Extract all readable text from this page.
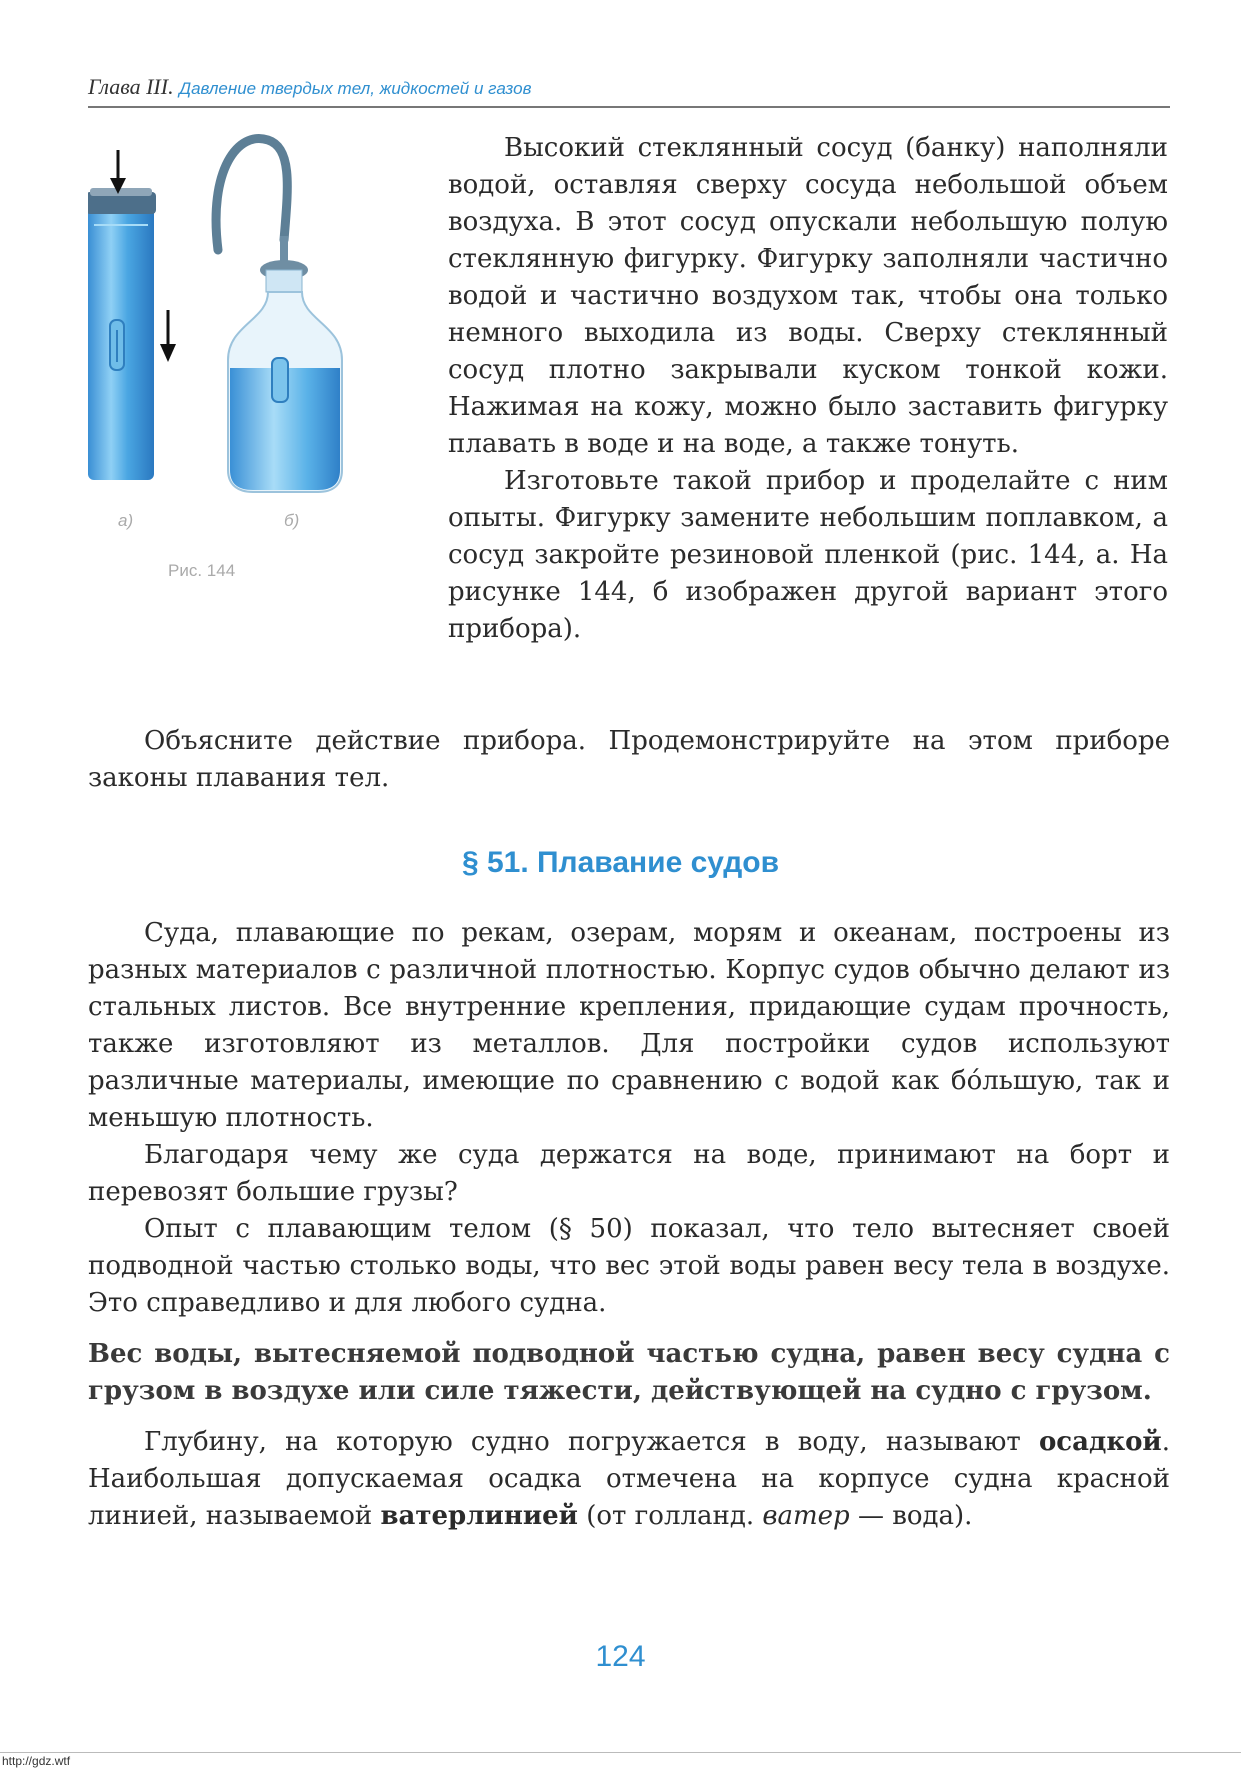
Глава III. Давление твердых тел, жидкостей и газов
а)	б)
Рис. 144

Высокий стеклянный сосуд (банку) наполняли водой, оставляя сверху сосуда небольшой объем воздуха. В этот сосуд опускали небольшую полую стеклянную фигурку. Фигурку заполняли частично водой и частично воздухом так, чтобы она только немного выходила из воды. Сверху стеклянный сосуд плотно закрывали куском тонкой кожи. Нажимая на кожу, можно было заставить фигурку плавать в воде и на воде, а также тонуть.

Изготовьте такой прибор и проделайте с ним опыты. Фигурку замените небольшим поплавком, а сосуд закройте резиновой пленкой (рис. 144, а. На рисунке 144, б изображен другой вариант этого прибора).

Объясните действие прибора. Продемонстрируйте на этом приборе законы плавания тел.

§ 51. Плавание судов

Суда, плавающие по рекам, озерам, морям и океанам, построены из разных материалов с различной плотностью. Корпус судов обычно делают из стальных листов. Все внутренние крепления, придающие судам прочность, также изготовляют из металлов. Для постройки судов используют различные материалы, имеющие по сравнению с водой как бóльшую, так и меньшую плотность.

Благодаря чему же суда держатся на воде, принимают на борт и перевозят большие грузы?

Опыт с плавающим телом (§ 50) показал, что тело вытесняет своей подводной частью столько воды, что вес этой воды равен весу тела в воздухе. Это справедливо и для любого судна.

Вес воды, вытесняемой подводной частью судна, равен весу судна с грузом в воздухе или силе тяжести, действующей на судно с грузом.

Глубину, на которую судно погружается в воду, называют осадкой. Наибольшая допускаемая осадка отмечена на корпусе судна красной линией, называемой ватерлинией (от голланд. ватер — вода).

124
http://gdz.wtf
